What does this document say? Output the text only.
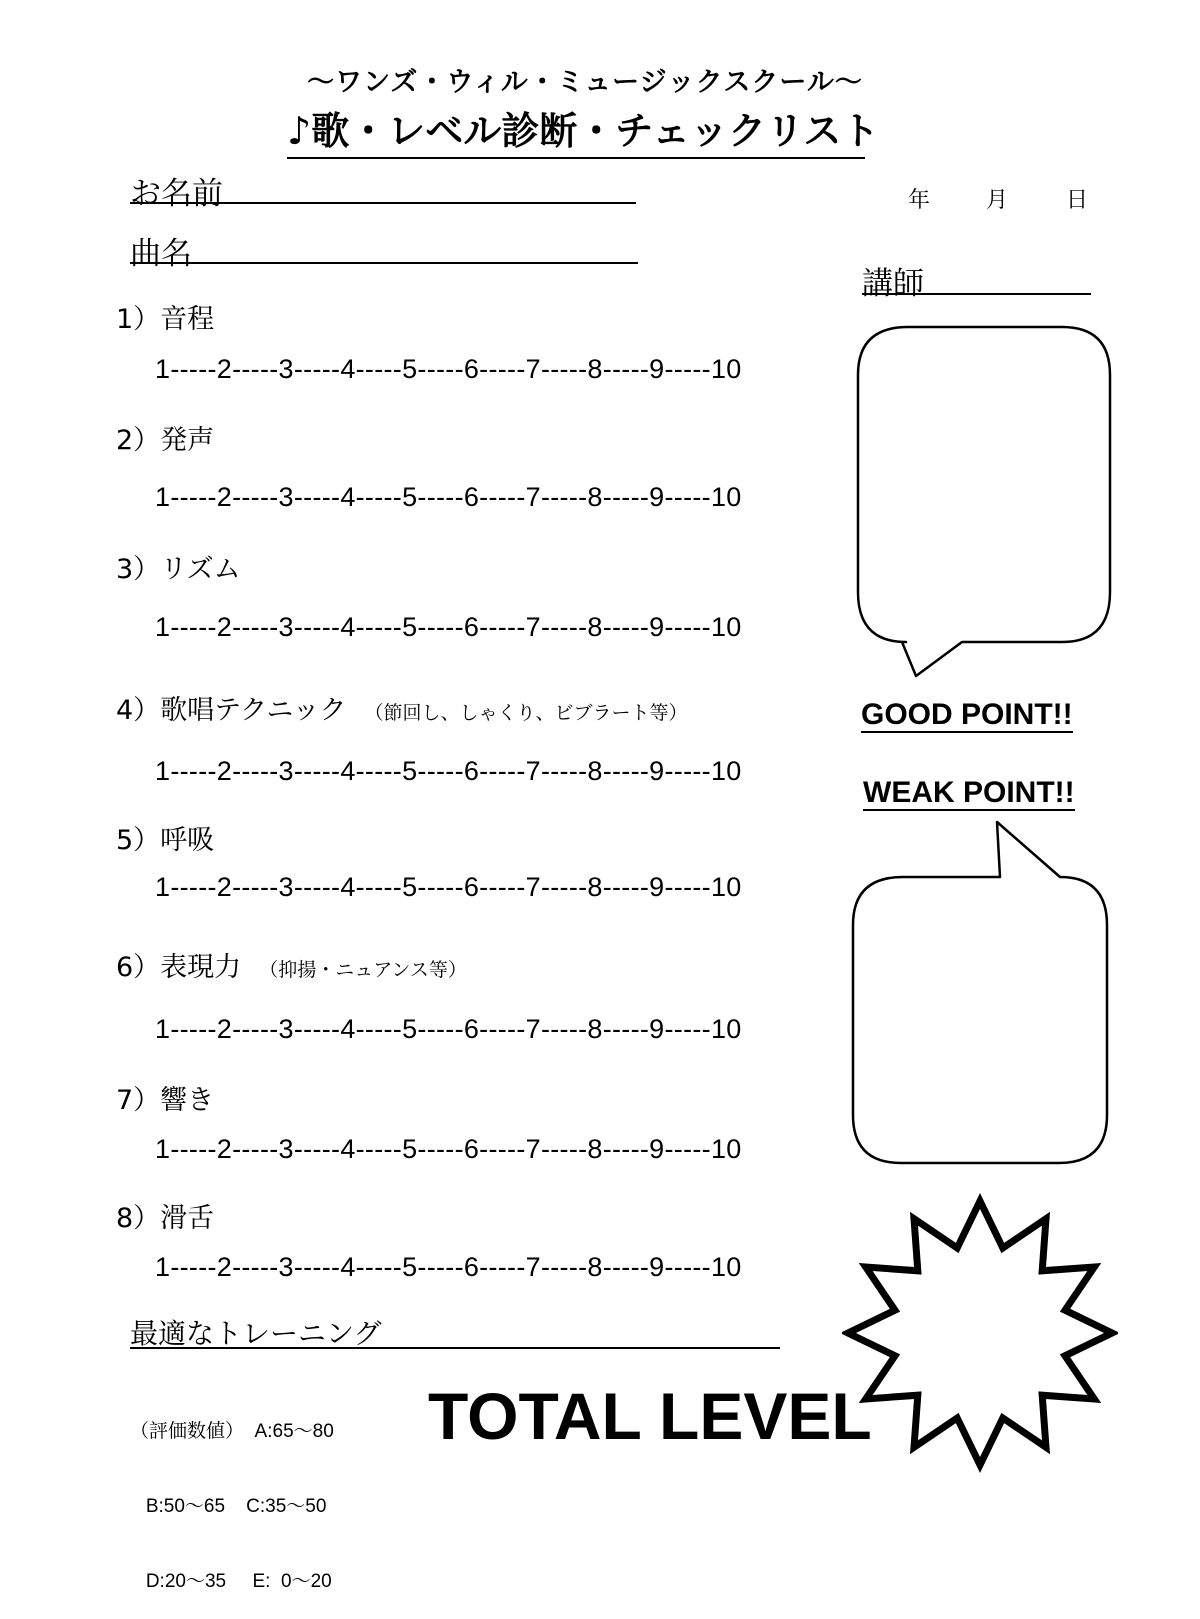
～ワンズ・ウィル・ミュージックスクール～
♪歌・レベル診断・チェックリスト
お名前
曲名
年	月	日
講師
1）音程
1-----2-----3-----4-----5-----6-----7-----8-----9-----10
2）発声
1-----2-----3-----4-----5-----6-----7-----8-----9-----10
3）リズム
1-----2-----3-----4-----5-----6-----7-----8-----9-----10
4）歌唱テクニック （節回し、しゃくり、ビブラート等）
1-----2-----3-----4-----5-----6-----7-----8-----9-----10
5）呼吸
1-----2-----3-----4-----5-----6-----7-----8-----9-----10
6）表現力 （抑揚・ニュアンス等）
1-----2-----3-----4-----5-----6-----7-----8-----9-----10
7）響き
1-----2-----3-----4-----5-----6-----7-----8-----9-----10
8）滑舌
1-----2-----3-----4-----5-----6-----7-----8-----9-----10
最適なトレーニング

（評価数値）  A:65～80

B:50～65    C:35～50

D:20～35     E:  0～20

TOTAL LEVEL
GOOD POINT!!
WEAK POINT!!
